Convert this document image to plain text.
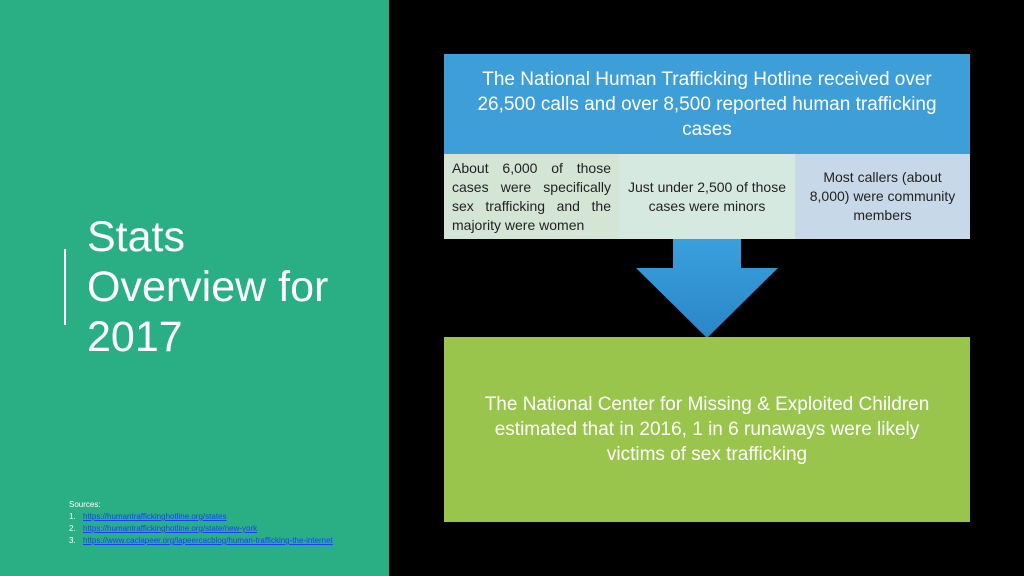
Stats
Overview for
2017
Sources:
1. https://humantraffickinghotline.org/states
2. https://humantraffickinghotline.org/state/new-york
3. https://www.caclapeer.org/lapeercacblog/human-trafficking-the-internet
The National Human Trafficking Hotline received over 26,500 calls and over 8,500 reported human trafficking cases
About 6,000 of those cases were specifically sex trafficking and the majority were women
Just under 2,500 of those cases were minors
Most callers (about 8,000) were community members
The National Center for Missing & Exploited Children estimated that in 2016, 1 in 6 runaways were likely victims of sex trafficking
